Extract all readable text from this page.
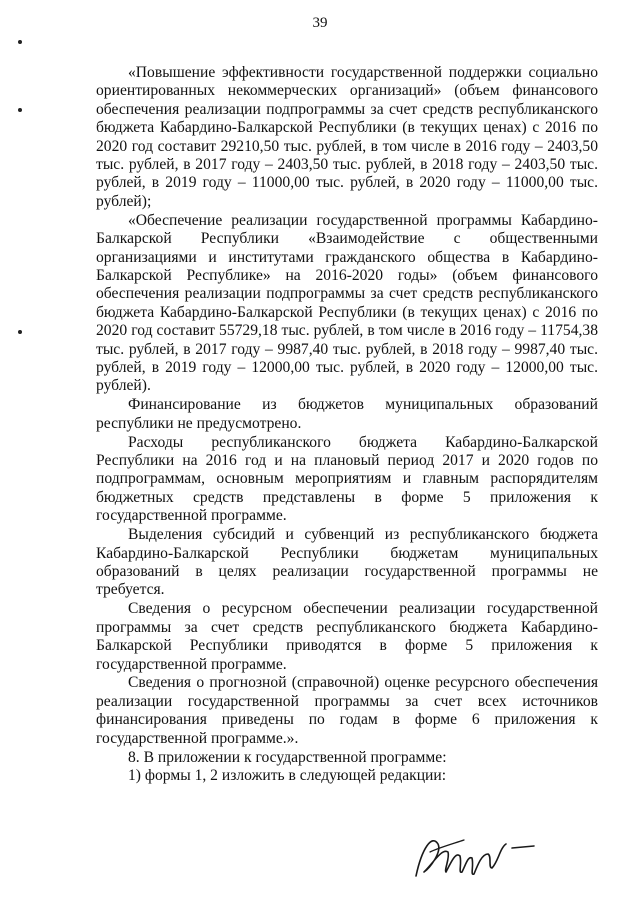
39

«Повышение эффективности государственной поддержки социально ориентированных некоммерческих организаций» (объем финансового обеспечения реализации подпрограммы за счет средств республиканского бюджета Кабардино-Балкарской Республики (в текущих ценах) с 2016 по 2020 год составит 29210,50 тыс. рублей, в том числе в 2016 году – 2403,50 тыс. рублей, в 2017 году – 2403,50 тыс. рублей, в 2018 году – 2403,50 тыс. рублей, в 2019 году – 11000,00 тыс. рублей, в 2020 году – 11000,00 тыс. рублей);

«Обеспечение реализации государственной программы Кабардино-Балкарской Республики «Взаимодействие с общественными организациями и институтами гражданского общества в Кабардино-Балкарской Республике» на 2016-2020 годы» (объем финансового обеспечения реализации подпрограммы за счет средств республиканского бюджета Кабардино-Балкарской Республики (в текущих ценах) с 2016 по 2020 год составит 55729,18 тыс. рублей, в том числе в 2016 году – 11754,38 тыс. рублей, в 2017 году – 9987,40 тыс. рублей, в 2018 году – 9987,40 тыс. рублей, в 2019 году – 12000,00 тыс. рублей, в 2020 году – 12000,00 тыс. рублей).

Финансирование из бюджетов муниципальных образований республики не предусмотрено.

Расходы республиканского бюджета Кабардино-Балкарской Республики на 2016 год и на плановый период 2017 и 2020 годов по подпрограммам, основным мероприятиям и главным распорядителям бюджетных средств представлены в форме 5 приложения к государственной программе.

Выделения субсидий и субвенций из республиканского бюджета Кабардино-Балкарской Республики бюджетам муниципальных образований в целях реализации государственной программы не требуется.

Сведения о ресурсном обеспечении реализации государственной программы за счет средств республиканского бюджета Кабардино-Балкарской Республики приводятся в форме 5 приложения к государственной программе.

Сведения о прогнозной (справочной) оценке ресурсного обеспечения реализации государственной программы за счет всех источников финансирования приведены по годам в форме 6 приложения к государственной программе.».

8. В приложении к государственной программе:

1) формы 1, 2 изложить в следующей редакции:
